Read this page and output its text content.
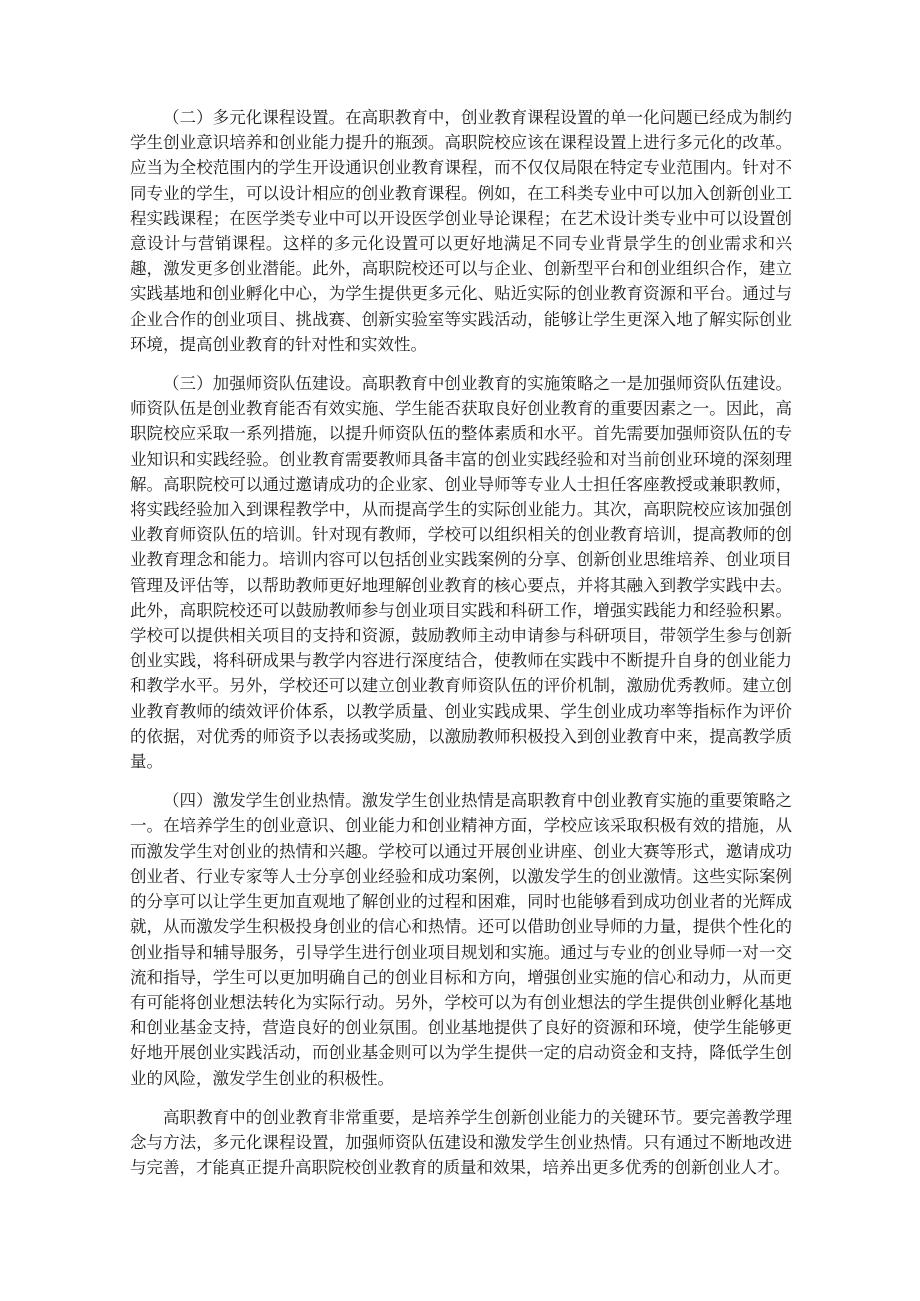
（二）多元化课程设置。在高职教育中，创业教育课程设置的单一化问题已经成为制约学生创业意识培养和创业能力提升的瓶颈。高职院校应该在课程设置上进行多元化的改革。应当为全校范围内的学生开设通识创业教育课程，而不仅仅局限在特定专业范围内。针对不同专业的学生，可以设计相应的创业教育课程。例如，在工科类专业中可以加入创新创业工程实践课程；在医学类专业中可以开设医学创业导论课程；在艺术设计类专业中可以设置创意设计与营销课程。这样的多元化设置可以更好地满足不同专业背景学生的创业需求和兴趣，激发更多创业潜能。此外，高职院校还可以与企业、创新型平台和创业组织合作，建立实践基地和创业孵化中心，为学生提供更多元化、贴近实际的创业教育资源和平台。通过与企业合作的创业项目、挑战赛、创新实验室等实践活动，能够让学生更深入地了解实际创业环境，提高创业教育的针对性和实效性。

（三）加强师资队伍建设。高职教育中创业教育的实施策略之一是加强师资队伍建设。师资队伍是创业教育能否有效实施、学生能否获取良好创业教育的重要因素之一。因此，高职院校应采取一系列措施，以提升师资队伍的整体素质和水平。首先需要加强师资队伍的专业知识和实践经验。创业教育需要教师具备丰富的创业实践经验和对当前创业环境的深刻理解。高职院校可以通过邀请成功的企业家、创业导师等专业人士担任客座教授或兼职教师，将实践经验加入到课程教学中，从而提高学生的实际创业能力。其次，高职院校应该加强创业教育师资队伍的培训。针对现有教师，学校可以组织相关的创业教育培训，提高教师的创业教育理念和能力。培训内容可以包括创业实践案例的分享、创新创业思维培养、创业项目管理及评估等，以帮助教师更好地理解创业教育的核心要点，并将其融入到教学实践中去。此外，高职院校还可以鼓励教师参与创业项目实践和科研工作，增强实践能力和经验积累。学校可以提供相关项目的支持和资源，鼓励教师主动申请参与科研项目，带领学生参与创新创业实践，将科研成果与教学内容进行深度结合，使教师在实践中不断提升自身的创业能力和教学水平。另外，学校还可以建立创业教育师资队伍的评价机制，激励优秀教师。建立创业教育教师的绩效评价体系，以教学质量、创业实践成果、学生创业成功率等指标作为评价的依据，对优秀的师资予以表扬或奖励，以激励教师积极投入到创业教育中来，提高教学质量。

（四）激发学生创业热情。激发学生创业热情是高职教育中创业教育实施的重要策略之一。在培养学生的创业意识、创业能力和创业精神方面，学校应该采取积极有效的措施，从而激发学生对创业的热情和兴趣。学校可以通过开展创业讲座、创业大赛等形式，邀请成功创业者、行业专家等人士分享创业经验和成功案例，以激发学生的创业激情。这些实际案例的分享可以让学生更加直观地了解创业的过程和困难，同时也能够看到成功创业者的光辉成就，从而激发学生积极投身创业的信心和热情。还可以借助创业导师的力量，提供个性化的创业指导和辅导服务，引导学生进行创业项目规划和实施。通过与专业的创业导师一对一交流和指导，学生可以更加明确自己的创业目标和方向，增强创业实施的信心和动力，从而更有可能将创业想法转化为实际行动。另外，学校可以为有创业想法的学生提供创业孵化基地和创业基金支持，营造良好的创业氛围。创业基地提供了良好的资源和环境，使学生能够更好地开展创业实践活动，而创业基金则可以为学生提供一定的启动资金和支持，降低学生创业的风险，激发学生创业的积极性。

高职教育中的创业教育非常重要，是培养学生创新创业能力的关键环节。要完善教学理念与方法，多元化课程设置，加强师资队伍建设和激发学生创业热情。只有通过不断地改进与完善，才能真正提升高职院校创业教育的质量和效果，培养出更多优秀的创新创业人才。
